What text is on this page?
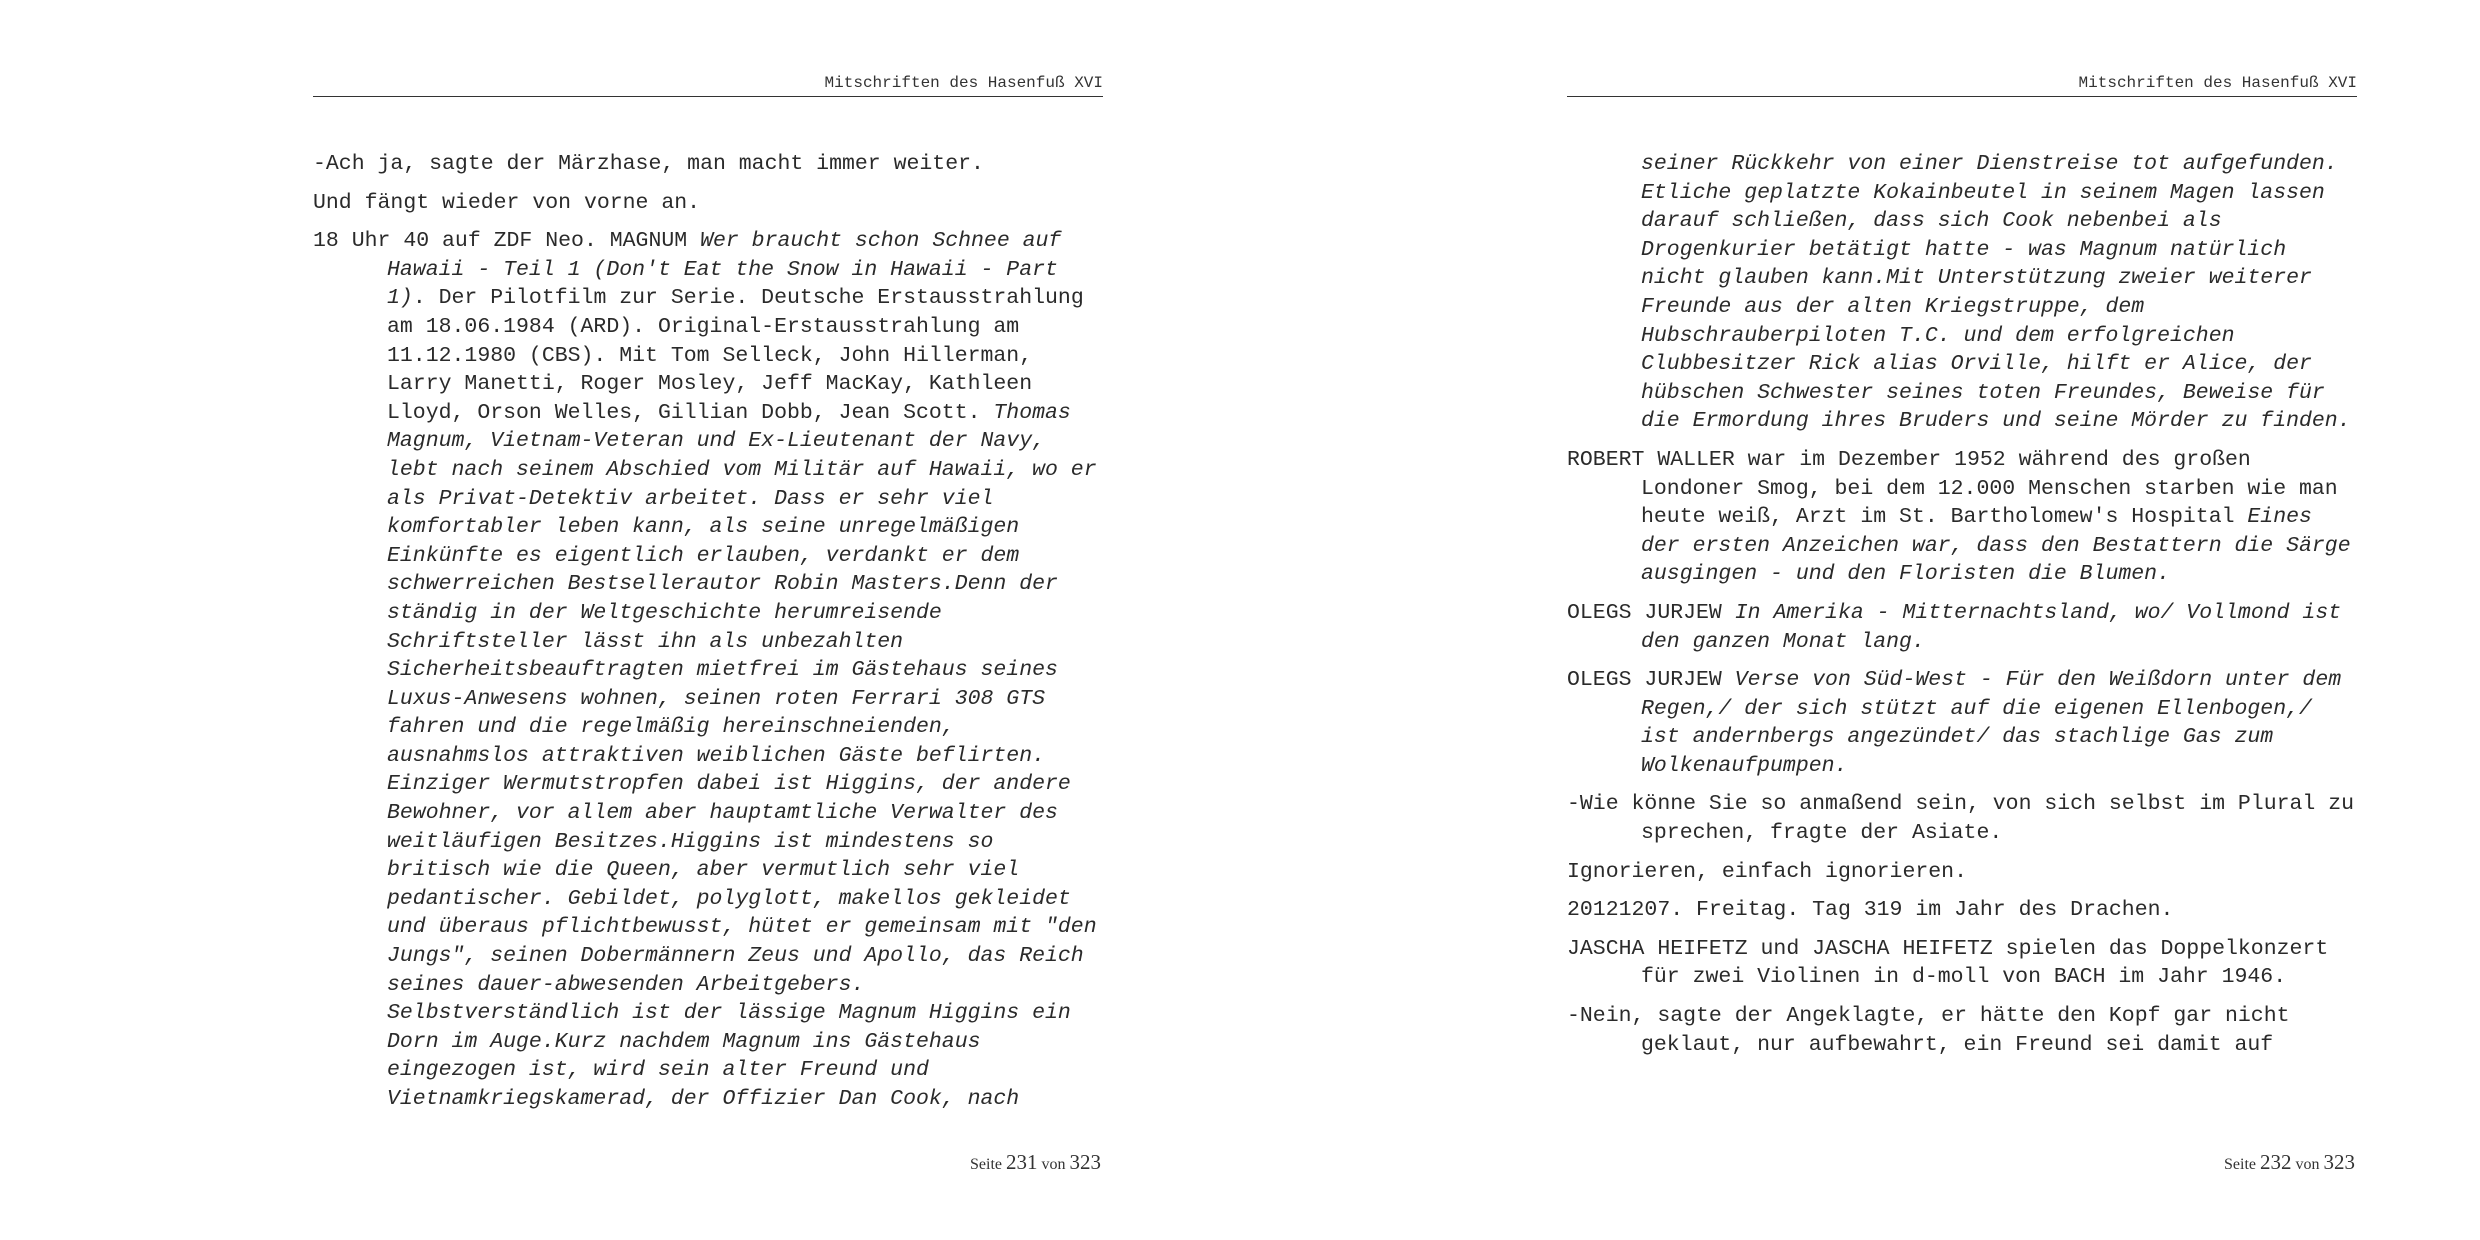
Mitschriften des Hasenfuß XVI

-Ach ja, sagte der Märzhase, man macht immer weiter.

Und fängt wieder von vorne an.

18 Uhr 40 auf ZDF Neo. MAGNUM Wer braucht schon Schnee auf Hawaii - Teil 1 (Don't Eat the Snow in Hawaii - Part 1). Der Pilotfilm zur Serie. Deutsche Erstausstrahlung am 18.06.1984 (ARD). Original-Erstausstrahlung am 11.12.1980 (CBS). Mit Tom Selleck, John Hillerman, Larry Manetti, Roger Mosley, Jeff MacKay, Kathleen Lloyd, Orson Welles, Gillian Dobb, Jean Scott. Thomas Magnum, Vietnam-Veteran und Ex-Lieutenant der Navy, lebt nach seinem Abschied vom Militär auf Hawaii, wo er als Privat-Detektiv arbeitet. Dass er sehr viel komfortabler leben kann, als seine unregelmäßigen Einkünfte es eigentlich erlauben, verdankt er dem schwerreichen Bestsellerautor Robin Masters.Denn der ständig in der Weltgeschichte herumreisende Schriftsteller lässt ihn als unbezahlten Sicherheitsbeauftragten mietfrei im Gästehaus seines Luxus-Anwesens wohnen, seinen roten Ferrari 308 GTS fahren und die regelmäßig hereinschneienden, ausnahmslos attraktiven weiblichen Gäste beflirten. Einziger Wermutstropfen dabei ist Higgins, der andere Bewohner, vor allem aber hauptamtliche Verwalter des weitläufigen Besitzes.Higgins ist mindestens so britisch wie die Queen, aber vermutlich sehr viel pedantischer. Gebildet, polyglott, makellos gekleidet und überaus pflichtbewusst, hütet er gemeinsam mit "den Jungs", seinen Dobermännern Zeus und Apollo, das Reich seines dauer-abwesenden Arbeitgebers. Selbstverständlich ist der lässige Magnum Higgins ein Dorn im Auge.Kurz nachdem Magnum ins Gästehaus eingezogen ist, wird sein alter Freund und Vietnamkriegskamerad, der Offizier Dan Cook, nach

Seite 231 von 323
Mitschriften des Hasenfuß XVI

seiner Rückkehr von einer Dienstreise tot aufgefunden. Etliche geplatzte Kokainbeutel in seinem Magen lassen darauf schließen, dass sich Cook nebenbei als Drogenkurier betätigt hatte - was Magnum natürlich nicht glauben kann.Mit Unterstützung zweier weiterer Freunde aus der alten Kriegstruppe, dem Hubschrauberpiloten T.C. und dem erfolgreichen Clubbesitzer Rick alias Orville, hilft er Alice, der hübschen Schwester seines toten Freundes, Beweise für die Ermordung ihres Bruders und seine Mörder zu finden.

ROBERT WALLER war im Dezember 1952 während des großen Londoner Smog, bei dem 12.000 Menschen starben wie man heute weiß, Arzt im St. Bartholomew's Hospital Eines der ersten Anzeichen war, dass den Bestattern die Särge ausgingen - und den Floristen die Blumen.

OLEGS JURJEW In Amerika - Mitternachtsland, wo/ Vollmond ist den ganzen Monat lang.

OLEGS JURJEW Verse von Süd-West - Für den Weißdorn unter dem Regen,/ der sich stützt auf die eigenen Ellenbogen,/ ist andernbergs angezündet/ das stachlige Gas zum Wolkenaufpumpen.

-Wie könne Sie so anmaßend sein, von sich selbst im Plural zu sprechen, fragte der Asiate.

Ignorieren, einfach ignorieren.

20121207. Freitag. Tag 319 im Jahr des Drachen.

JASCHA HEIFETZ und JASCHA HEIFETZ spielen das Doppelkonzert für zwei Violinen in d-moll von BACH im Jahr 1946.

-Nein, sagte der Angeklagte, er hätte den Kopf gar nicht geklaut, nur aufbewahrt, ein Freund sei damit auf

Seite 232 von 323
